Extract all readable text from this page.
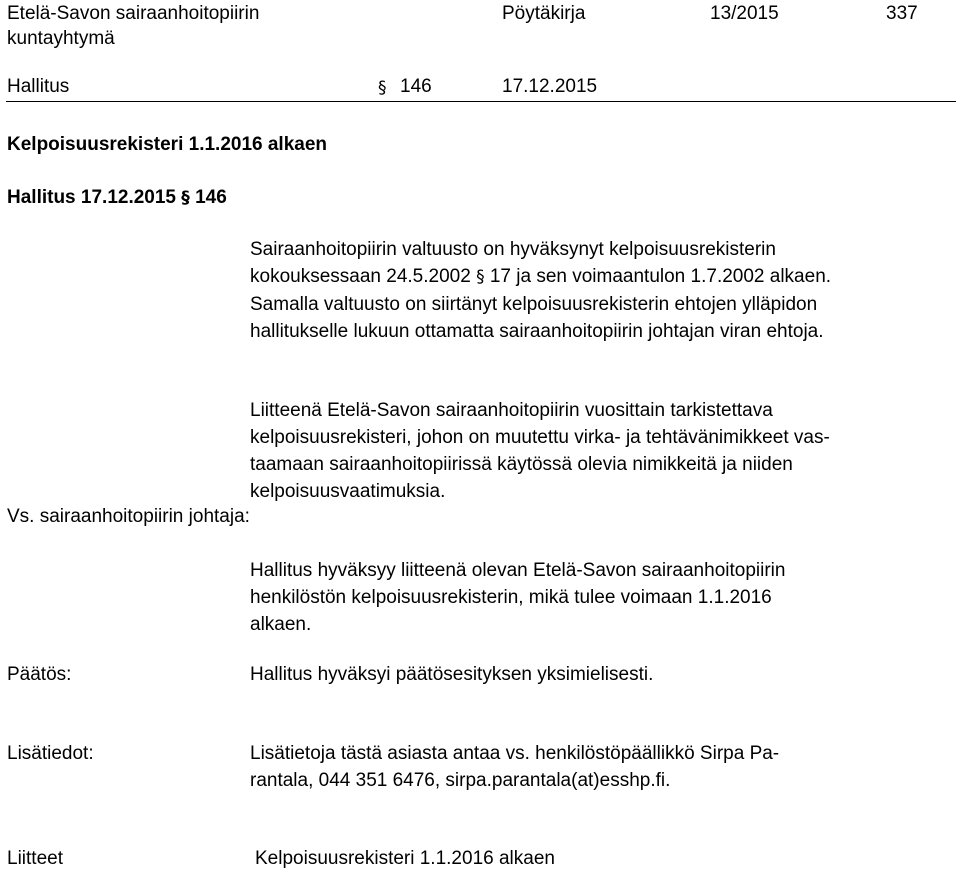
Etelä-Savon sairaanhoitopiirin
kuntayhtymä
Pöytäkirja	13/2015	337
Hallitus	§ 146	17.12.2015
Kelpoisuusrekisteri 1.1.2016 alkaen
Hallitus 17.12.2015 § 146
Sairaanhoitopiirin valtuusto on hyväksynyt kelpoisuusrekisterin
kokouksessaan 24.5.2002 § 17 ja sen voimaantulon 1.7.2002 alkaen.
Samalla valtuusto on siirtänyt kelpoisuusrekisterin ehtojen ylläpidon
hallitukselle lukuun ottamatta sairaanhoitopiirin johtajan viran ehtoja.
Liitteenä Etelä-Savon sairaanhoitopiirin vuosittain tarkistettava
kelpoisuusrekisteri, johon on muutettu virka- ja tehtävänimikkeet vas-
taamaan sairaanhoitopiirissä käytössä olevia nimikkeitä ja niiden
kelpoisuusvaatimuksia.
Vs. sairaanhoitopiirin johtaja:
Hallitus hyväksyy liitteenä olevan Etelä-Savon sairaanhoitopiirin
henkilöstön kelpoisuusrekisterin, mikä tulee voimaan 1.1.2016
alkaen.
Päätös:	Hallitus hyväksyi päätösesityksen yksimielisesti.
Lisätiedot:	Lisätietoja tästä asiasta antaa vs. henkilöstöpäällikkö Sirpa Pa-
rantala, 044 351 6476, sirpa.parantala(at)esshp.fi.
Liitteet	Kelpoisuusrekisteri 1.1.2016 alkaen
